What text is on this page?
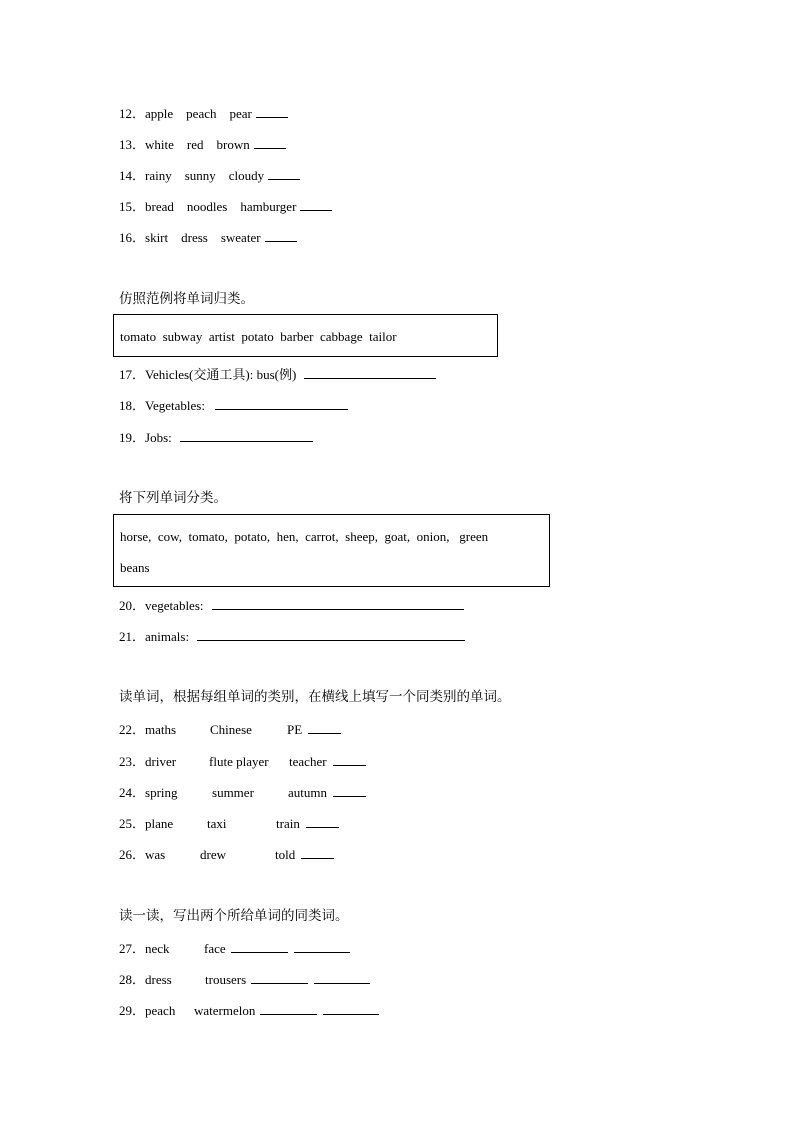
12．apple    peach    pear
13．white    red    brown
14．rainy    sunny    cloudy
15．bread    noodles    hamburger
16．skirt    dress    sweater
仿照范例将单词归类。
tomato  subway  artist  potato  barber  cabbage  tailor
17．Vehicles(交通工具): bus(例)
18．Vegetables:
19．Jobs:
将下列单词分类。
horse,  cow,  tomato,  potato,  hen,  carrot,  sheep,  goat,  onion,   green
beans
20．vegetables:
21．animals:
读单词，根据每组单词的类别，在横线上填写一个同类别的单词。
22．maths	Chinese	PE
23．driver	flute player teacher
24．spring	summer	autumn
25．plane	taxi	train
26．was	drew	told
读一读，写出两个所给单词的同类词。
27．neck	face
28．dress	trousers
29．peach watermelon
